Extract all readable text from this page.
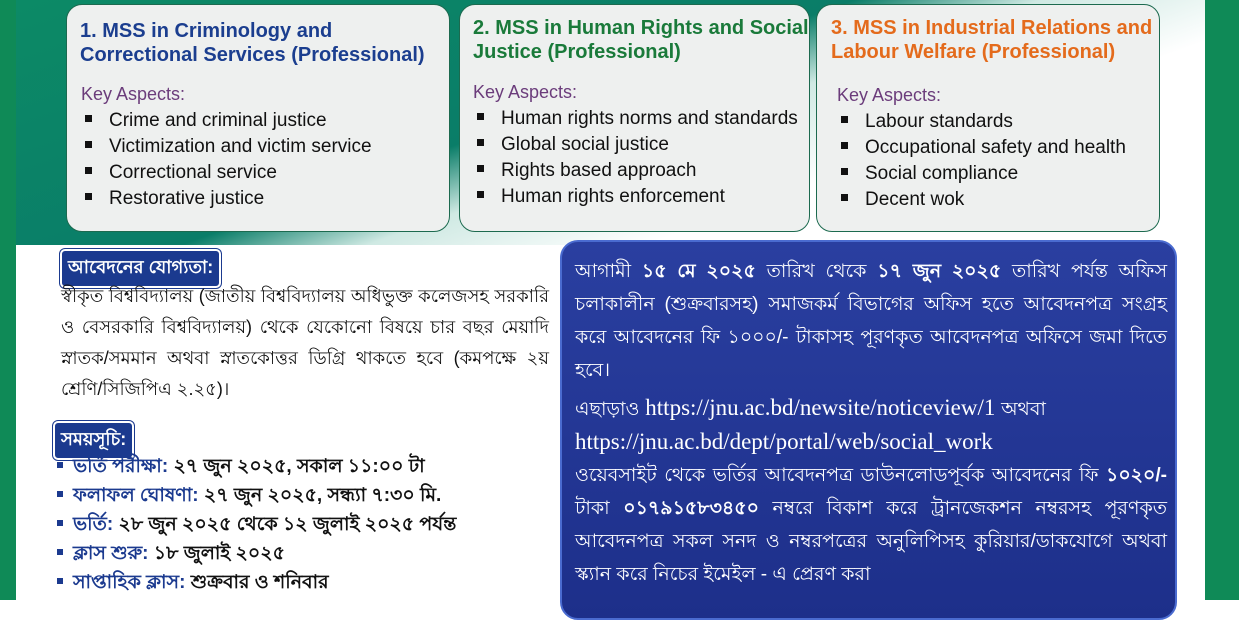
1. MSS in Criminology and Correctional Services (Professional)
Key Aspects:
Crime and criminal justice
Victimization and victim service
Correctional service
Restorative justice
2. MSS in Human Rights and Social Justice (Professional)
Key Aspects:
Human rights norms and standards
Global social justice
Rights based approach
Human rights enforcement
3. MSS in Industrial Relations and Labour Welfare (Professional)
Key Aspects:
Labour standards
Occupational safety and health
Social compliance
Decent wok
আবেদনের যোগ্যতা:
স্বীকৃত বিশ্ববিদ্যালয় (জাতীয় বিশ্ববিদ্যালয় অধিভুক্ত কলেজসহ সরকারি ও বেসরকারি বিশ্ববিদ্যালয়) থেকে যেকোনো বিষয়ে চার বছর মেয়াদি স্নাতক/সমমান অথবা স্নাতকোত্তর ডিগ্রি থাকতে হবে (কমপক্ষে ২য় শ্রেণি/সিজিপিএ ২.২৫)।
সময়সূচি:
ভর্তি পরীক্ষা: ২৭ জুন ২০২৫, সকাল ১১:০০ টা
ফলাফল ঘোষণা: ২৭ জুন ২০২৫, সন্ধ্যা ৭:৩০ মি.
ভর্তি: ২৮ জুন ২০২৫ থেকে ১২ জুলাই ২০২৫ পর্যন্ত
ক্লাস শুরু: ১৮ জুলাই ২০২৫
সাপ্তাহিক ক্লাস: শুক্রবার ও শনিবার
আগামী ১৫ মে ২০২৫ তারিখ থেকে ১৭ জুন ২০২৫ তারিখ পর্যন্ত অফিস চলাকালীন (শুক্রবারসহ) সমাজকর্ম বিভাগের অফিস হতে আবেদনপত্র সংগ্রহ করে আবেদনের ফি ১০০০/- টাকাসহ পূরণকৃত আবেদনপত্র অফিসে জমা দিতে হবে।
এছাড়াও https://jnu.ac.bd/newsite/noticeview/1 অথবা
https://jnu.ac.bd/dept/portal/web/social_work
ওয়েবসাইট থেকে ভর্তির আবেদনপত্র ডাউনলোডপূর্বক আবেদনের ফি ১০২০/- টাকা ০১৭৯১৫৮৩৪৫০ নম্বরে বিকাশ করে ট্রানজেকশন নম্বরসহ পূরণকৃত আবেদনপত্র সকল সনদ ও নম্বরপত্রের অনুলিপিসহ কুরিয়ার/ডাকযোগে অথবা স্ক্যান করে নিচের ইমেইল - এ প্রেরণ করা
